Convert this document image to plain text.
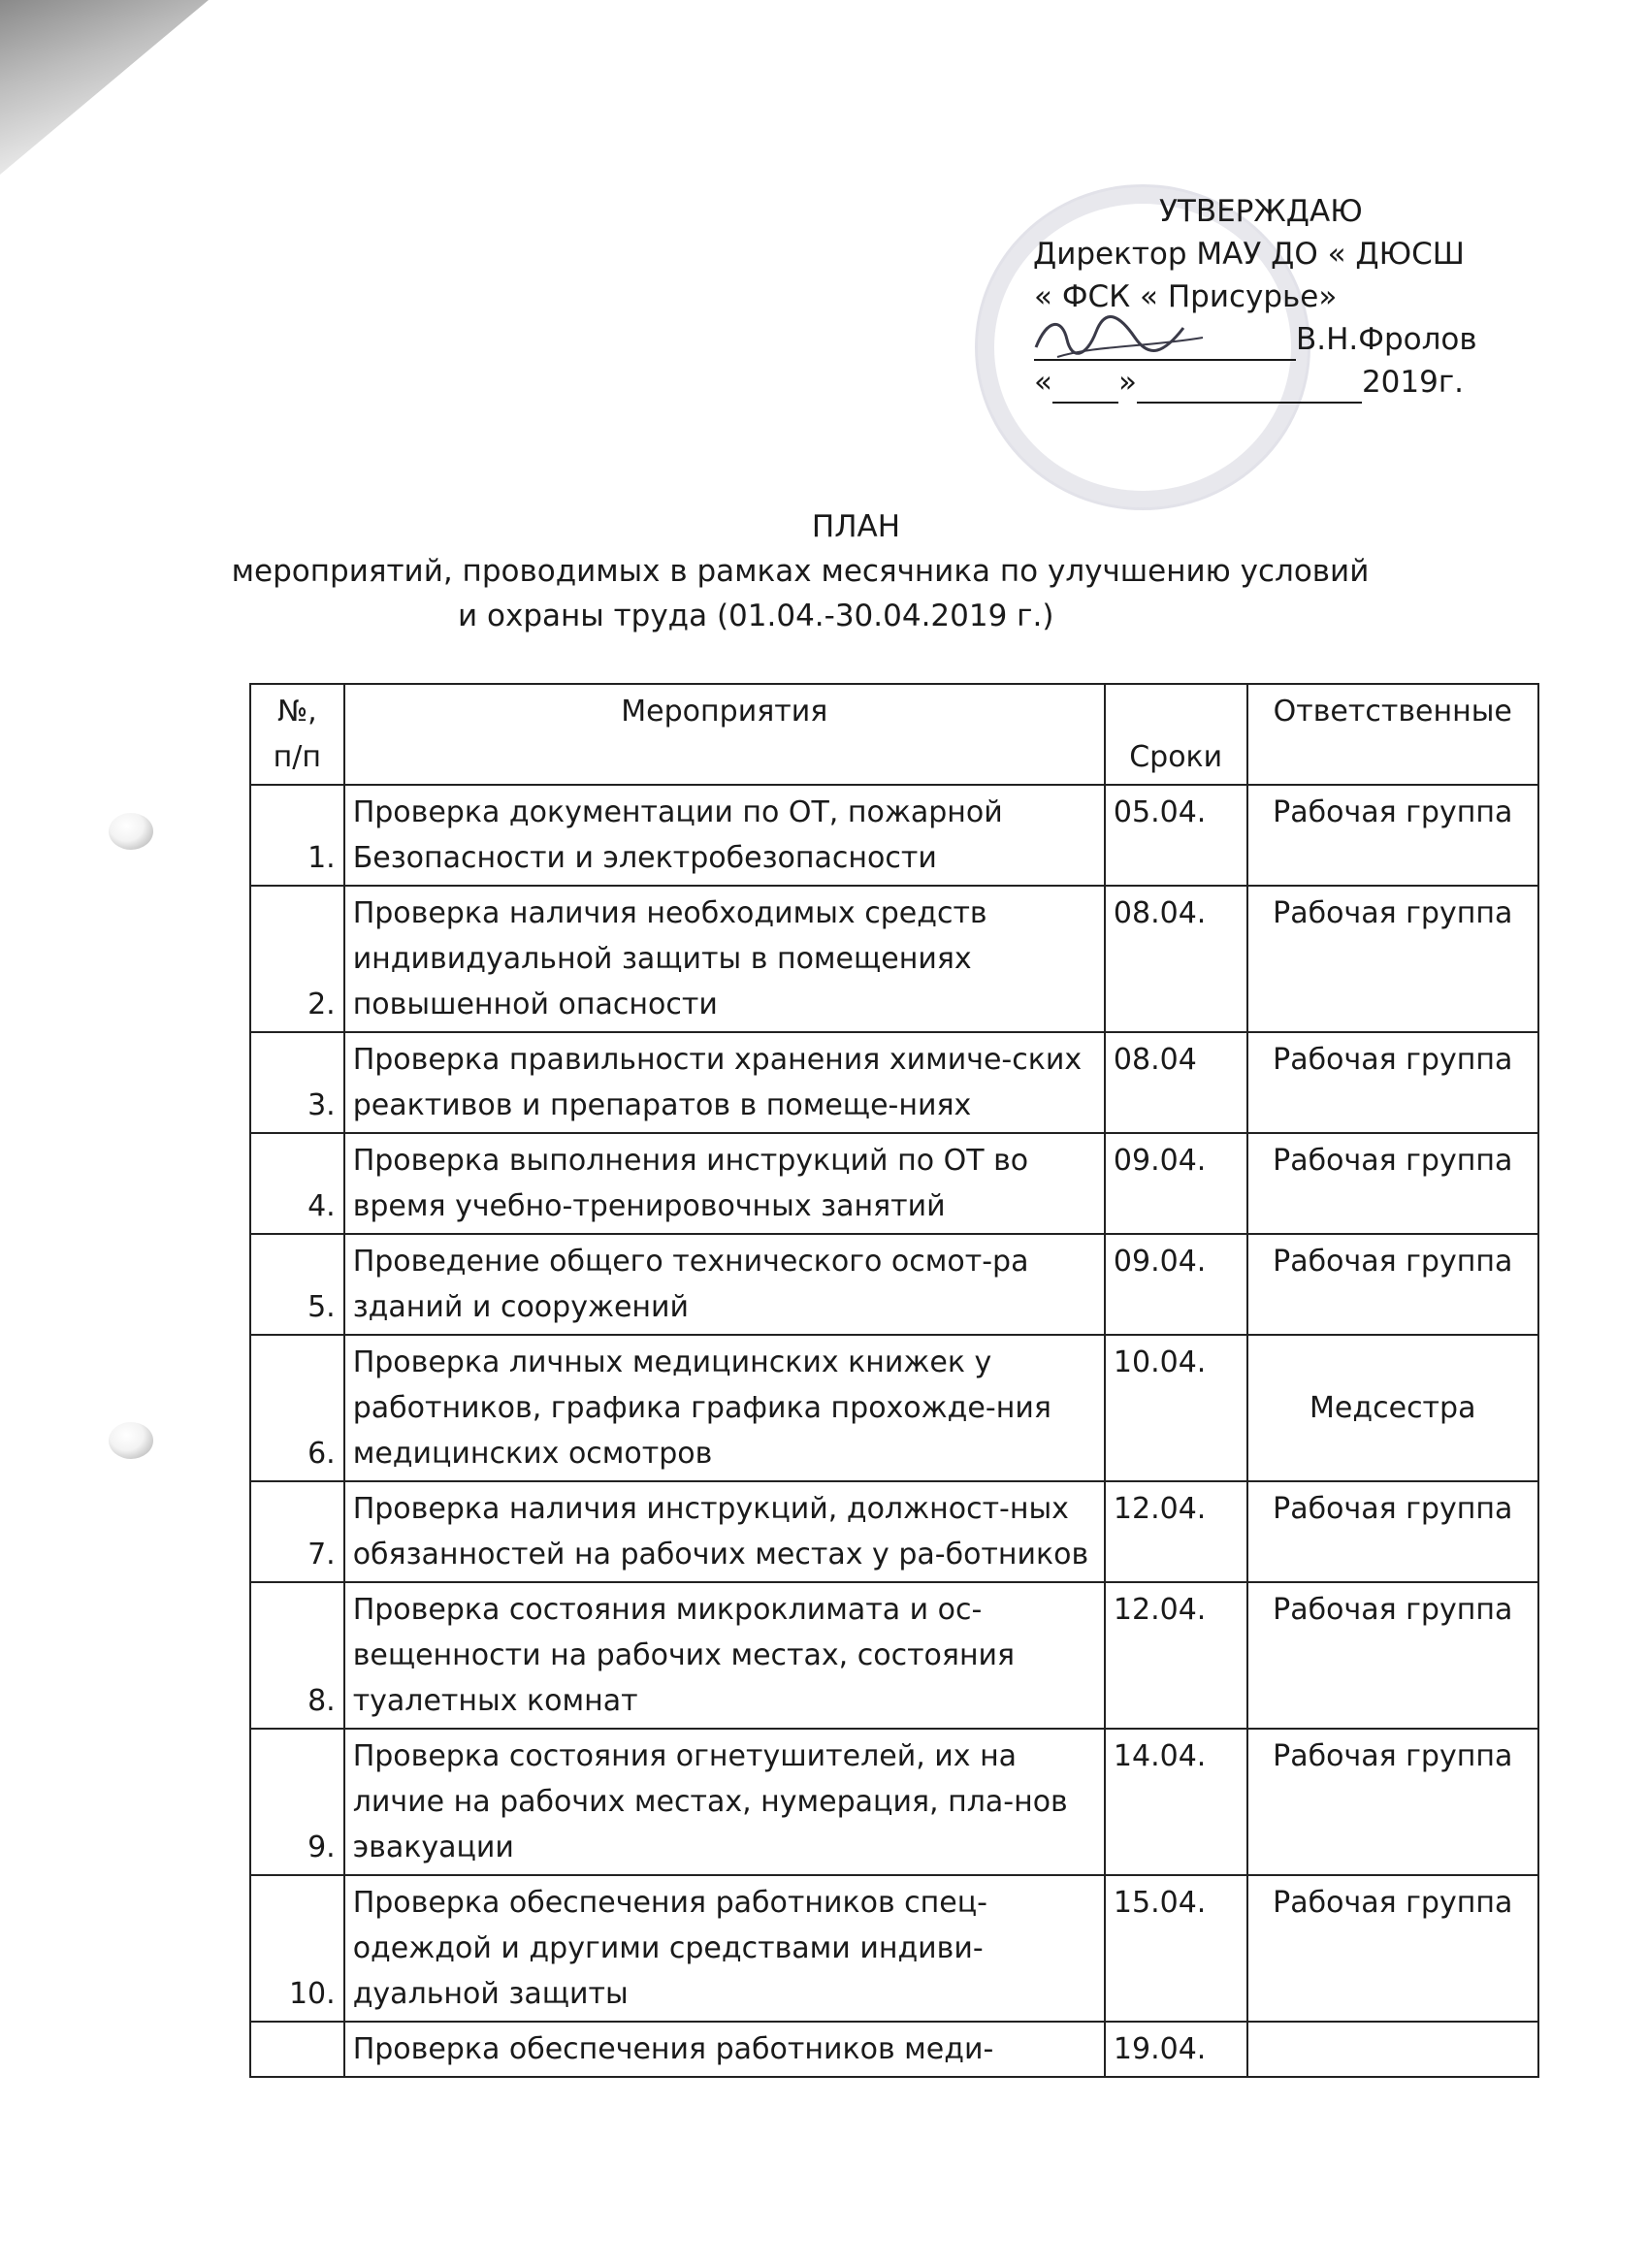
УТВЕРЖДАЮ
Директор МАУ ДО « ДЮСШ
« ФСК « Присурье»
В.Н.Фролов
« »	2019г.
ПЛАН
мероприятий, проводимых в рамках месячника по улучшению условий
и охраны труда (01.04.-30.04.2019 г.)
№, п/п	Мероприятия	Сроки	Ответственные
1.	Проверка документации по ОТ, пожарной Безопасности и электробезопасности	05.04.	Рабочая группа
2.	Проверка наличия необходимых средств индивидуальной защиты в помещениях повышенной опасности	08.04.	Рабочая группа
3.	Проверка правильности хранения химиче-ских реактивов и препаратов в помеще-ниях	08.04	Рабочая группа
4.	Проверка выполнения инструкций по ОТ во время учебно-тренировочных занятий	09.04.	Рабочая группа
5.	Проведение общего технического осмот-ра зданий и сооружений	09.04.	Рабочая группа
6.	Проверка личных медицинских книжек у работников, графика графика прохожде-ния медицинских осмотров	10.04.	Медсестра
7.	Проверка наличия инструкций, должност-ных обязанностей на рабочих местах у ра-ботников	12.04.	Рабочая группа
8.	Проверка состояния микроклимата и ос-вещенности на рабочих местах, состояния туалетных комнат	12.04.	Рабочая группа
9.	Проверка состояния огнетушителей, их на личие на рабочих местах, нумерация, пла-нов эвакуации	14.04.	Рабочая группа
10.	Проверка обеспечения работников спец-одеждой и другими средствами индиви-дуальной защиты	15.04.	Рабочая группа
	Проверка обеспечения работников меди-	19.04.	
